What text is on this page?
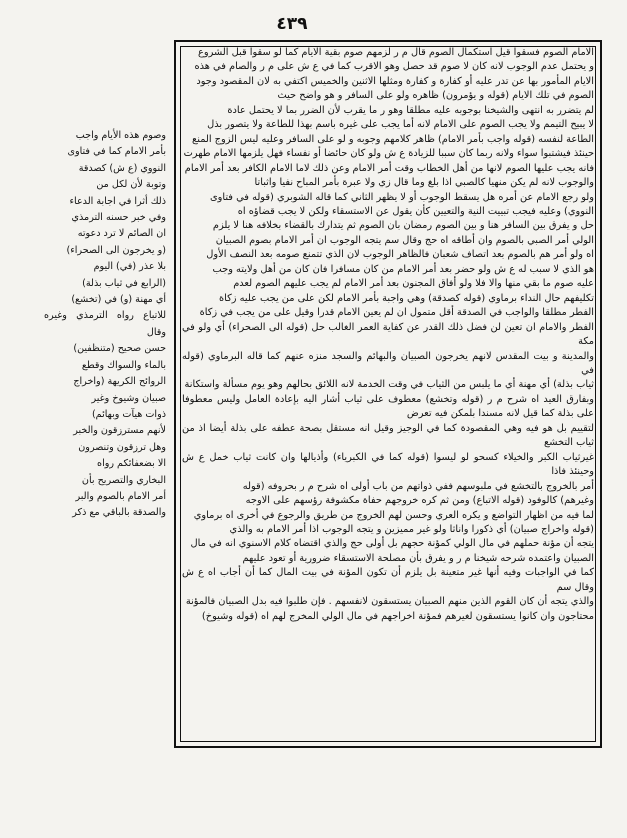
٤٣٩
الامام الصوم فسقوا قيل استكمال الصوم قال م ر لزمهم صوم بقية الايام كما لو سقوا قبل الشروع
و يحتمل عدم الوجوب لانه كان لا صوم قد حصل وهو الاقرب كما في ع ش على م ر والصام في هذه
الايام المأمور بها عن تدر عليه أو كفارة و كفارة ومثلها الاثنين والخميس اكتفي به لان المقصود وجود
الصوم في تلك الايام (قوله و يؤمرون) ظاهره ولو على السافر و هو واضح حيث
لم يتضرر به انتهى والشيخنا بوجوبه عليه مطلقا وهو ر ما يقرب لأن الضرر بما لا يحتمل عادة
لا يبيح التيمم ولا يجب الصوم على الامام لانه أما يجب على غيره باسم بهذا للطاعة ولا يتصور بذل
الطاعة لنفسه (قوله واجب بأمر الامام) ظاهر كلامهم وجوبه و لو على السافر وعليه ليس الزوج المنع
حينئذ فيشتبوا سواء ولانه ربما كان سببا للزيادة ع ش ولو كان حائضا أو نفساء فهل يلزمها الامام طهرت
فانه يجب عليها الصوم لانها من أهل الخطاب وقت أمر الامام وعن ذلك لاما الامام الكافر بعد أمر الامام
والوجوب لانه لم يكن منهيا كالصبي اذا بلغ وما قال زي ولا عبرة بأمر المباح نفيا واثباتا
ولو رجع الامام عن أمره هل يسقط الوجوب أو لا يظهر الثاني كما قاله الشوبري (قوله في فتاوى
النووي) وعليه فيجب تبييت النية والتعيين كأن يقول عن الاستسقاء ولكن لا يجب قضاؤه اه
حل و يفرق بين السافر هنا و بين الصوم رمضان بان الصوم ثم يتدارك بالقضاء بخلافه هنا لا يلزم
الولي أمر الصبي بالصوم وان أطاقه اه حج وقال سم يتجه الوجوب ان أمر الامام بصوم الصبيان
اه ولو أمر هم بالصوم بعد اتصاف شعبان فالظاهر الوجوب لان الذي تتمنع صومه بعد النصف الأول
هو الذي لا سبب له ع ش ولو حضر بعد أمر الامام من كان مسافرا فان كان من أهل ولايته وجب
عليه صوم ما بقي منها والا فلا ولو أفاق المجنون بعد أمر الامام لم يجب عليهم الصوم لعدم
تكليفهم حال النداء برماوي (قوله كصدقة) وهي واجبة بأمر الامام لكن على من يجب عليه زكاة
الفطر مطلقا والواجب في الصدقة أقل متمول ان لم يعين الامام قدرا وقيل على من يجب في زكاة
الفطر والامام ان تعين لن فضل ذلك القدر عن كفاية العمر الغالب حل (قوله الى الصحراء) أي ولو في مكة
والمدينة و بيت المقدس لانهم يخرجون الصبيان والبهائم والسجد منزه عنهم كما قاله البرماوي (قوله في
ثياب بذلة) أي مهنة أي ما يلبس من الثياب في وقت الخدمة لانه اللائق بحالهم وهو يوم مسألة واستكانة
وبفارق العيد اه شرح م ر (قوله وتخشع) معطوف على ثياب أشار اليه بإعادة العامل وليس معطوفا على بذلة كما قيل لانه مسندا بلمكن فيه تعرض
لتقييم بل هو فيه وهي المقصودة كما في الوجيز وقيل انه مستقل بصحة عطفه على بذلة أيضا اذ من ثياب التخشع
غيرثياب الكبر والخيلاء كسحو لو ليسوا (قوله كما في الكبرياء) وأذيالها وان كانت ثياب خمل ع ش وحينئذ فاذا
أمر بالخروج بالتخشع في ملبوسهم ففي ذواتهم من باب أولى اه شرح م ر بحروفه (قوله
وغيرهم) كالوفود (قوله الاتباع) ومن ثم كره خروجهم حفاة مكشوفة رؤسهم على الاوجه
لما فيه من اظهار التواضع و يكره العري وحسن لهم الخروج من طريق والرجوع في أخرى اه برماوي
(قوله واخراج صبيان) أي ذكورا واناثا ولو غير مميزين و يتجه الوجوب اذا أمر الامام به والذي
يتجه أن مؤنة حملهم في مال الولي كمؤنة حجهم بل أولى حج والذي اقتضاه كلام الاسنوي انه في مال
الصبيان واعتمده شرحه شيخنا م ر و يفرق بأن مصلحة الاستسقاء ضرورية أو تعود عليهم
كما في الواجبات وفيه أنها غير متعينة بل يلزم أن تكون المؤنة في بيت المال كما أن أجاب اه ع ش وقال سم
والذي يتجه أن كان القوم الذين منهم الصبيان يستسقون لانفسهم . فإن طلبوا فيه بدل الصبيان فالمؤنة
محتاجون وان كانوا يستسقون لغيرهم فمؤنة اخراجهم في مال الولي المخرج لهم اه (قوله وشيوخ)
وصوم هذه الأيام واجب
بأمر الامام كما في فتاوى
النووي (ع ش) كصدقة
وتوبة لأن لكل من
ذلك أثرا في اجابة الدعاء
وفي خبر حسنه الترمذي
ان الصائم لا ترد دعوته
(و يخرجون الى الصحراء)
بلا عذر (في) اليوم
(الرابع في ثياب بذلة)
أي مهنة (و) في (تخشع)
للاتباع رواه الترمذي وغيره وقال
حسن صحيح (متنظفين)
بالماء والسواك وقطع
الروائح الكريهة (واخراج
صبيان وشيوخ وغير
ذوات هيآت وبهائم)
لأنهم مسترزقون والخبر
وهل ترزقون وتنصرون
الا بضعفائكم رواه
البخاري والتصريح بأن
أمر الامام بالصوم والبر
والصدقة بالباقي مع ذكر
